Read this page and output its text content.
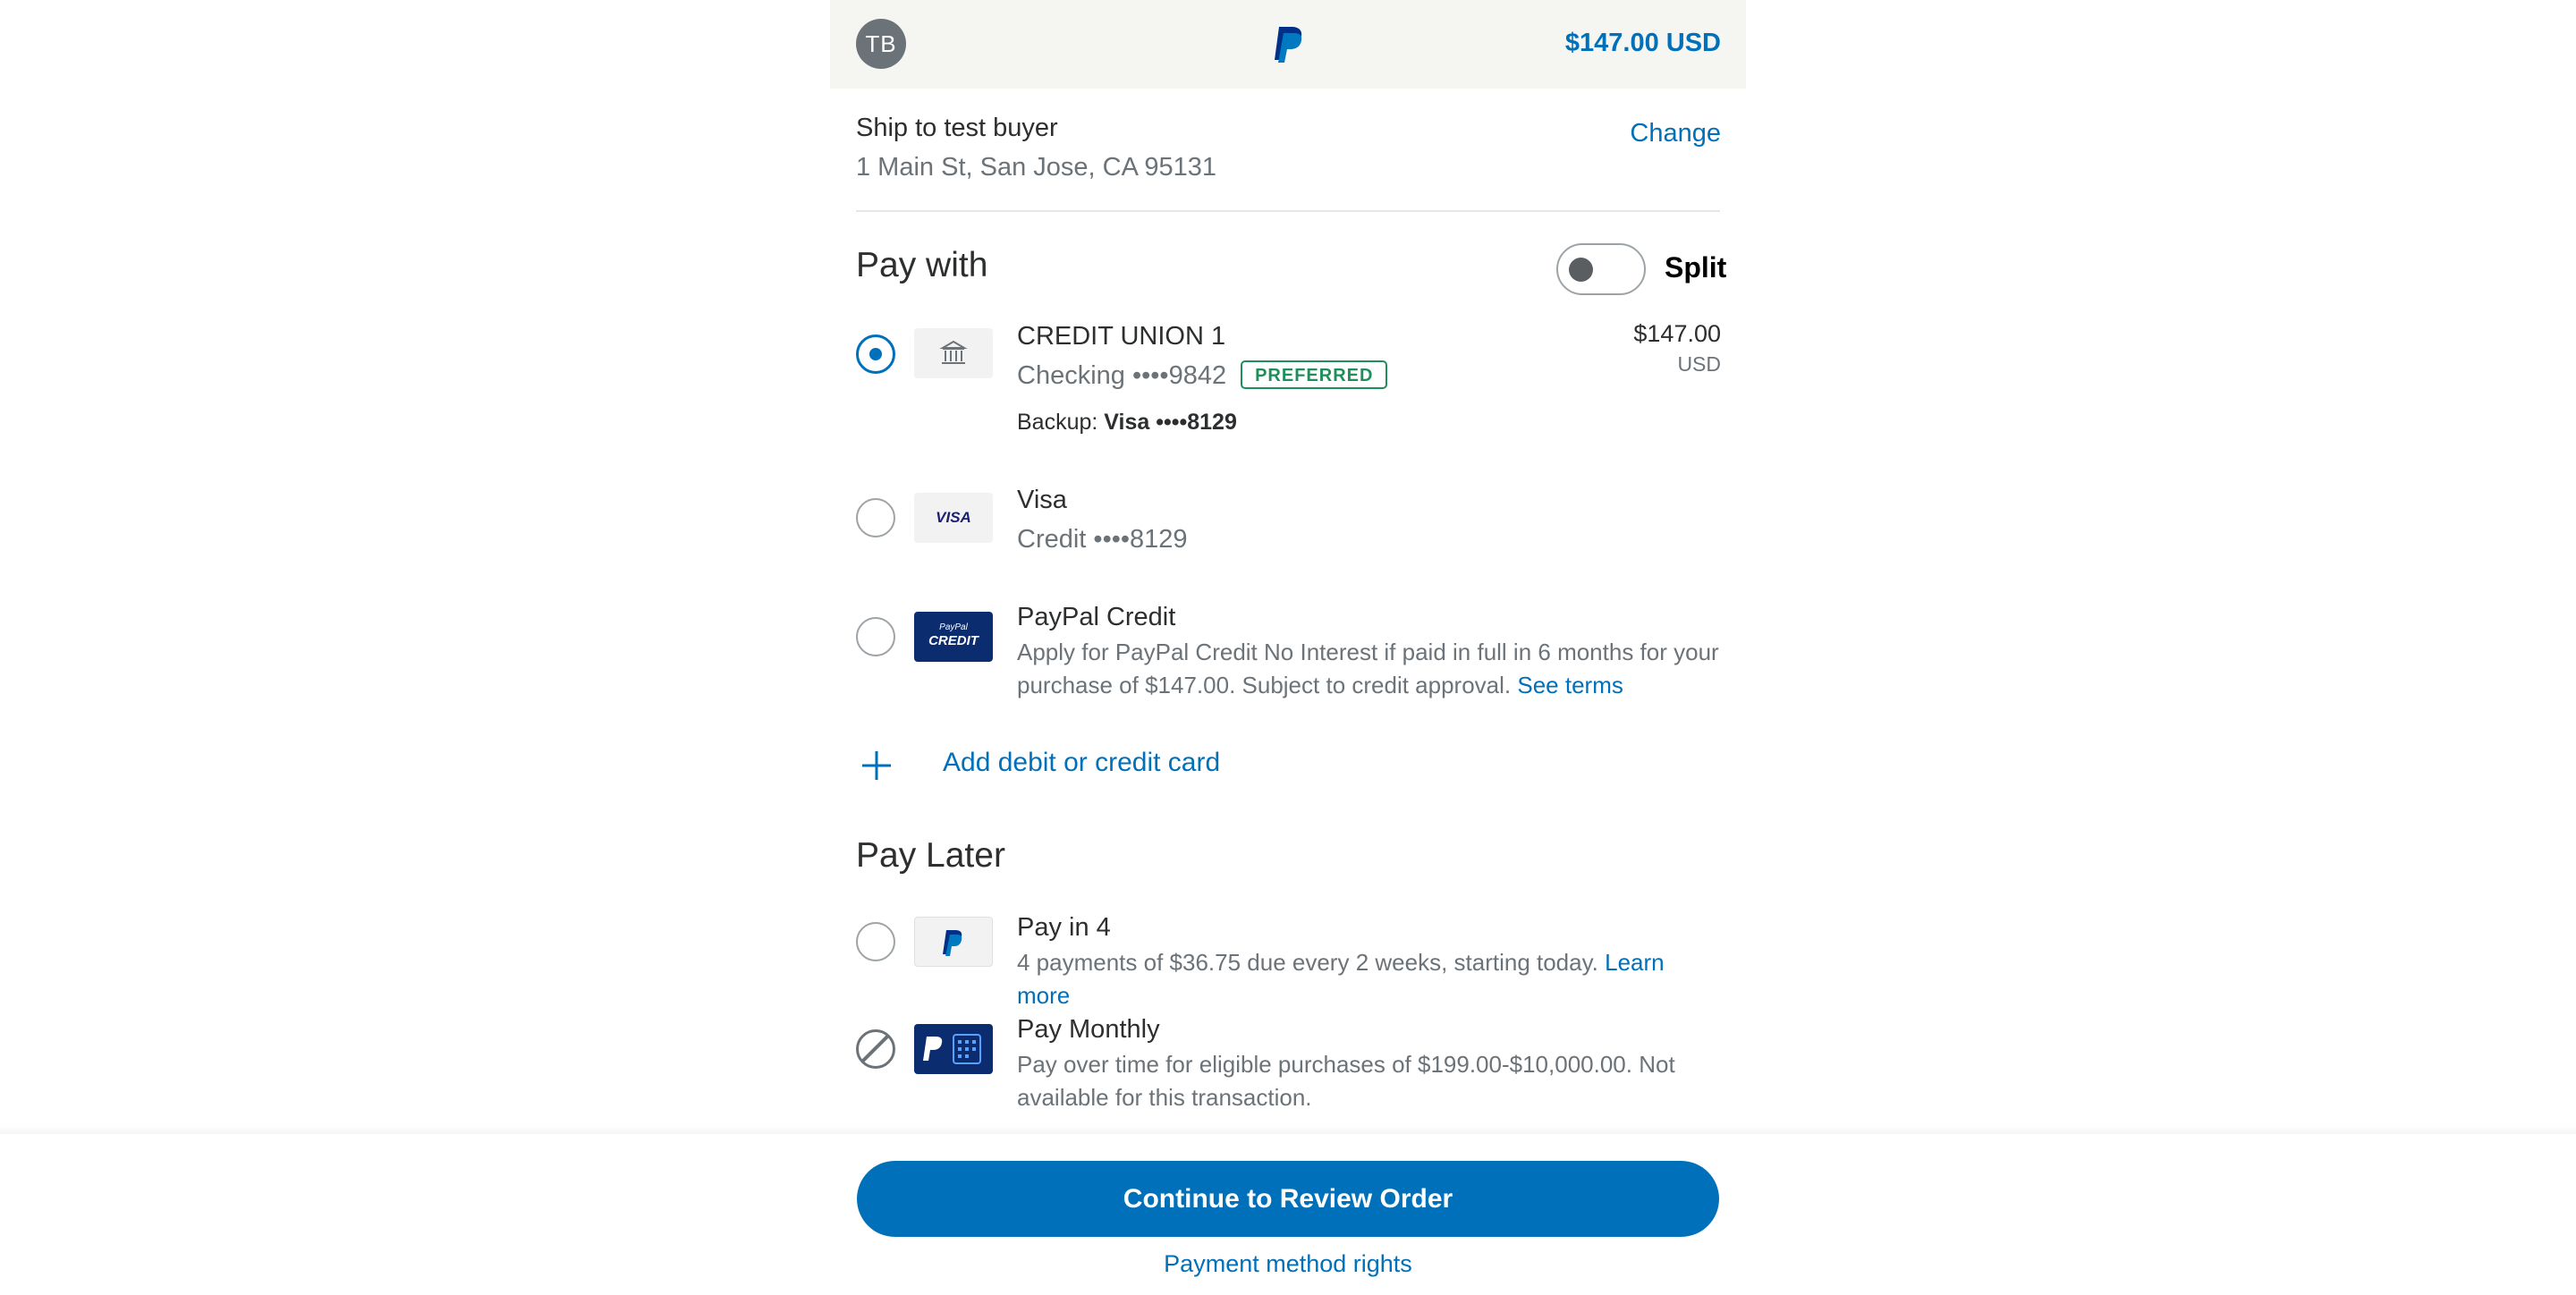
TB	$147.00 USD
Ship to test buyer
1 Main St, San Jose, CA 95131
Change
Pay with	Split
CREDIT UNION 1
Checking ••••9842 PREFERRED
Backup: Visa ••••8129
$147.00
USD
VISA
Visa
Credit ••••8129
PayPal
CREDIT
PayPal Credit
Apply for PayPal Credit No Interest if paid in full in 6 months for your purchase of $147.00. Subject to credit approval. See terms
Add debit or credit card
Pay Later
Pay in 4
4 payments of $36.75 due every 2 weeks, starting today. Learn more
Pay Monthly
Pay over time for eligible purchases of $199.00-$10,000.00. Not available for this transaction.
Continue to Review Order
Payment method rights
